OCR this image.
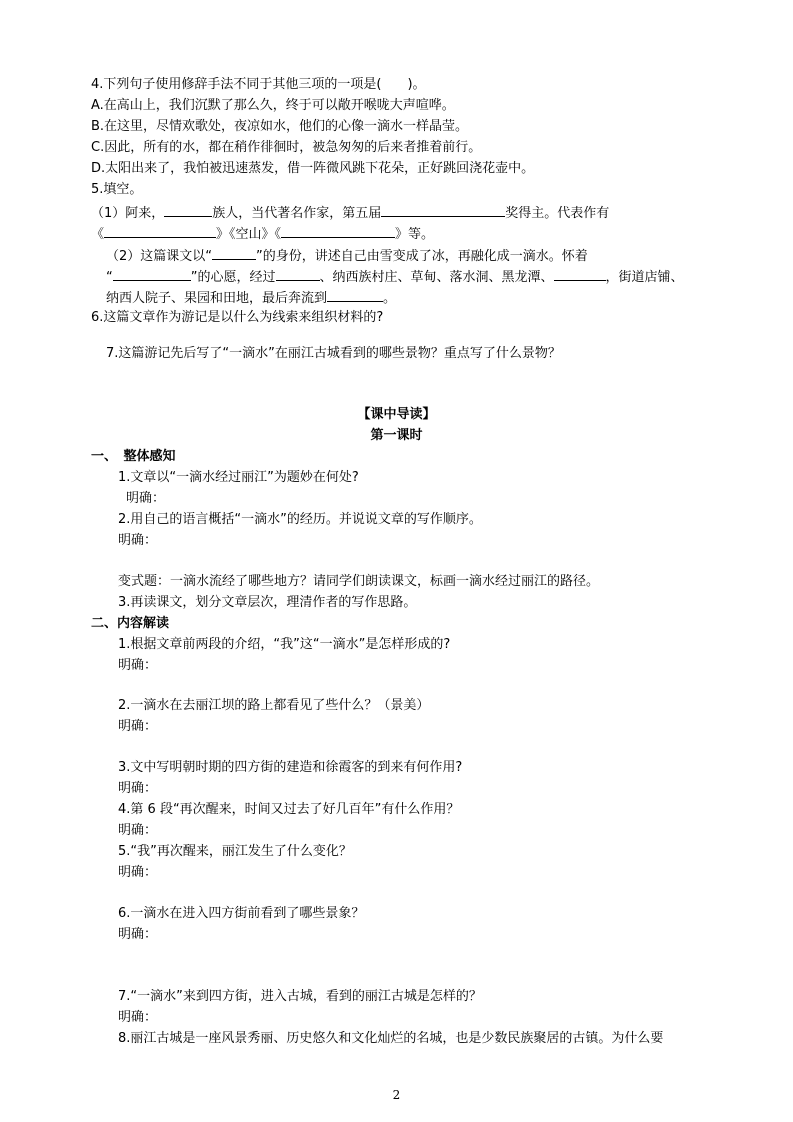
4.下列句子使用修辞手法不同于其他三项的一项是(　　)。
A.在高山上，我们沉默了那么久，终于可以敞开喉咙大声喧哗。
B.在这里，尽情欢歌处，夜凉如水，他们的心像一滴水一样晶莹。
C.因此，所有的水，都在稍作徘徊时，被急匆匆的后来者推着前行。
D.太阳出来了，我怕被迅速蒸发，借一阵微风跳下花朵，正好跳回浇花壶中。
5.填空。
（1）阿来，	族人，当代著名作家，第五届	奖得主。代表作有
《	》《空山》《	》等。
（2）这篇课文以“	”的身份，讲述自己由雪变成了冰，再融化成一滴水。怀着
“	”的心愿，经过	、纳西族村庄、草甸、落水洞、黑龙潭、	，街道店铺、
纳西人院子、果园和田地，最后奔流到	。
6.这篇文章作为游记是以什么为线索来组织材料的?
7.这篇游记先后写了“一滴水”在丽江古城看到的哪些景物？重点写了什么景物？
【课中导读】
第一课时
一、　整体感知
1.文章以“一滴水经过丽江”为题妙在何处?
明确：
2.用自己的语言概括“一滴水”的经历。并说说文章的写作顺序。
明确：
变式题：一滴水流经了哪些地方？请同学们朗读课文，标画一滴水经过丽江的路径。
3.再读课文，划分文章层次，理清作者的写作思路。
二、内容解读
1.根据文章前两段的介绍，“我”这“一滴水”是怎样形成的?
明确：
2.一滴水在去丽江坝的路上都看见了些什么？（景美）
明确：
3.文中写明朝时期的四方街的建造和徐霞客的到来有何作用?
明确：
4.第 6 段“再次醒来，时间又过去了好几百年”有什么作用？
明确：
5.“我”再次醒来，丽江发生了什么变化？
明确：
6.一滴水在进入四方街前看到了哪些景象？
明确：
7.“一滴水”来到四方街，进入古城，看到的丽江古城是怎样的？
明确：
8.丽江古城是一座风景秀丽、历史悠久和文化灿烂的名城，也是少数民族聚居的古镇。为什么要
2
